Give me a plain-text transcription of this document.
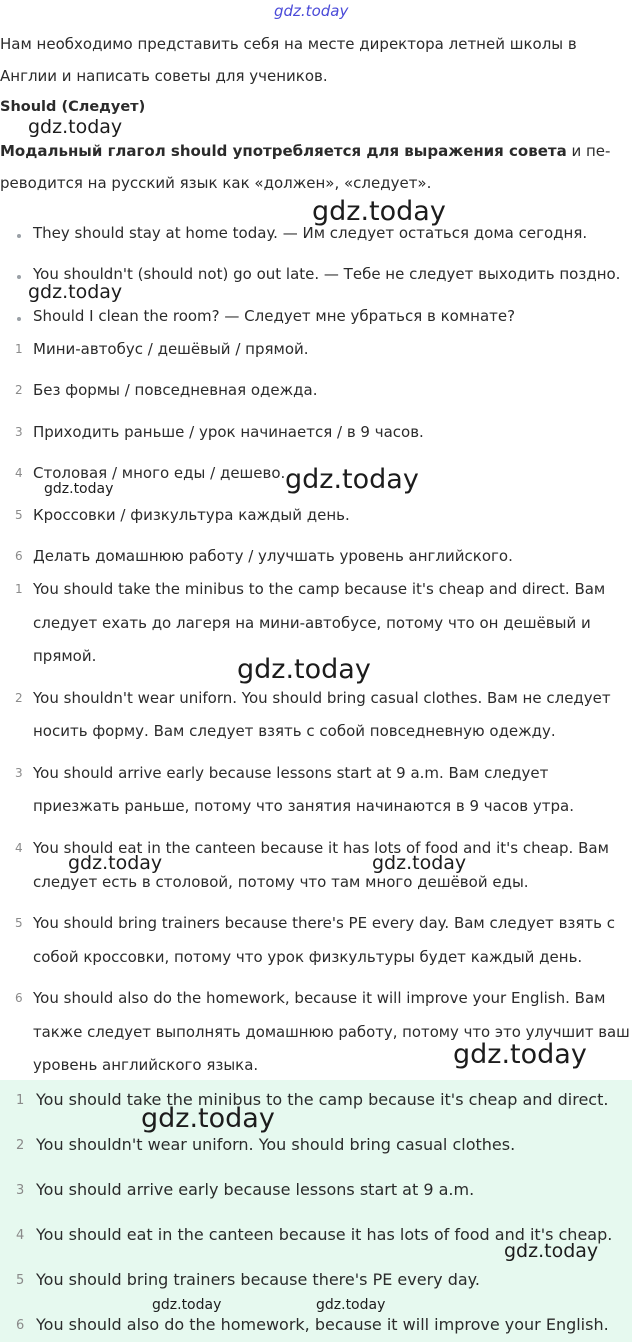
gdz.today
Нам необходимо представить себя на месте директора летней школы в
Англии и написать советы для учеников.
Should (Следует)
Модальный глагол should употребляется для выражения совета и пе-
реводится на русский язык как «должен», «следует».
They should stay at home today. — Им следует остаться дома сегодня.
You shouldn't (should not) go out late. — Тебе не следует выходить поздно.
Should I clean the room? — Следует мне убраться в комнате?
1 Мини-автобус / дешёвый / прямой.
2 Без формы / повседневная одежда.
3 Приходить раньше / урок начинается / в 9 часов.
4 Столовая / много еды / дешево.
5 Кроссовки / физкультура каждый день.
6 Делать домашнюю работу / улучшать уровень английского.
1 You should take the minibus to the camp because it's cheap and direct. Вам
следует ехать до лагеря на мини-автобусе, потому что он дешёвый и
прямой.
2 You shouldn't wear uniforn. You should bring casual clothes. Вам не следует
носить форму. Вам следует взять с собой повседневную одежду.
3 You should arrive early because lessons start at 9 a.m. Вам следует
приезжать раньше, потому что занятия начинаются в 9 часов утра.
4 You should eat in the canteen because it has lots of food and it's cheap. Вам
следует есть в столовой, потому что там много дешёвой еды.
5 You should bring trainers because there's PE every day. Вам следует взять с
собой кроссовки, потому что урок физкультуры будет каждый день.
6 You should also do the homework, because it will improve your English. Вам
также следует выполнять домашнюю работу, потому что это улучшит ваш
уровень английского языка.
1 You should take the minibus to the camp because it's cheap and direct.
2 You shouldn't wear uniforn. You should bring casual clothes.
3 You should arrive early because lessons start at 9 a.m.
4 You should eat in the canteen because it has lots of food and it's cheap.
5 You should bring trainers because there's PE every day.
6 You should also do the homework, because it will improve your English.
gdz.today
gdz.today
gdz.today
gdz.today
gdz.today
gdz.today
gdz.today	gdz.today
gdz.today
gdz.today
gdz.today
gdz.today	gdz.today
